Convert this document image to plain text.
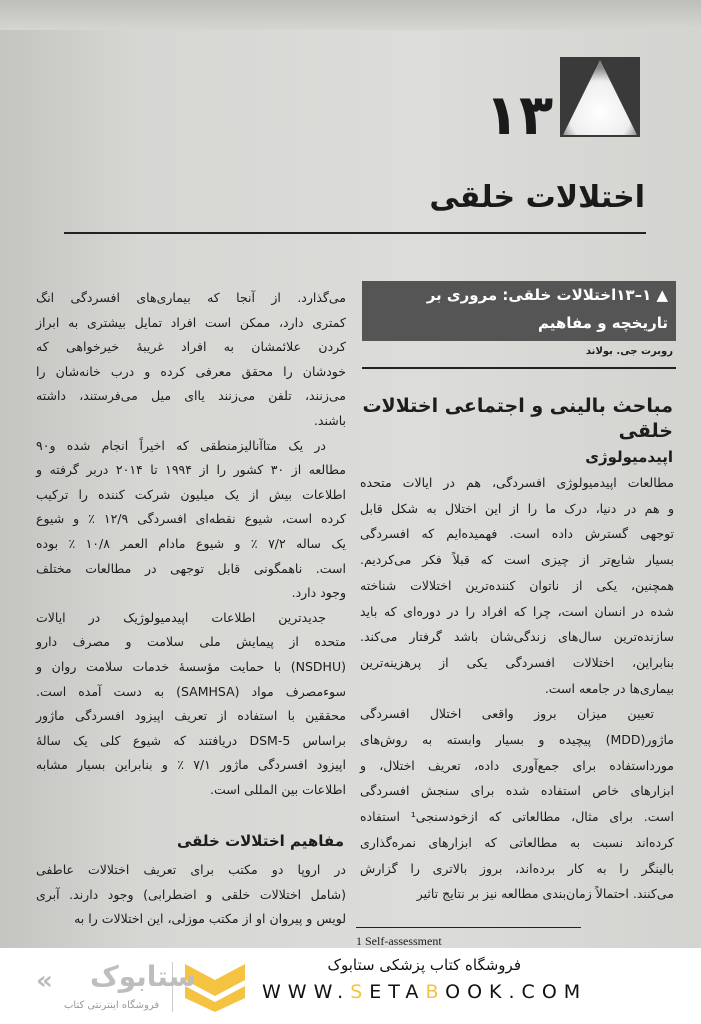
۱۳
اختلالات خلقی
▲ ۱–۱۳اختلالات خلقی: مروری بر
تاریخچه و مفاهیم
روبرت جی. بولاند
مباحث بالینی و اجتماعی اختلالات
خلقی
اپیدمیولوژی
مطالعات اپیدمیولوژی افسردگی، هم در ایالات متحده
و هم در دنیا، درک ما را از این اختلال به شکل قابل
توجهی گسترش داده است. فهمیده‌ایم که افسردگی
بسیار شایع‌تر از چیزی است که قبلاً فکر می‌کردیم.
همچنین، یکی از ناتوان کننده‌ترین اختلالات شناخته
شده در انسان است، چرا که افراد را در دوره‌ای که باید
سازنده‌ترین سال‌های زندگی‌شان باشد گرفتار می‌کند.
بنابراین، اختلالات افسردگی یکی از پرهزینه‌ترین
بیماری‌ها در جامعه است.
تعیین میزان بروز واقعی اختلال افسردگی
ماژور(MDD) پیچیده و بسیار وابسته به روش‌های
مورداستفاده برای جمع‌آوری داده، تعریف اختلال، و
ابزارهای خاص استفاده شده برای سنجش افسردگی
است. برای مثال، مطالعاتی که ازخودسنجی¹ استفاده
کرده‌اند نسبت به مطالعاتی که ابزارهای نمره‌گذاری
بالینگر را به کار برده‌اند، بروز بالاتری را گزارش
می‌کنند. احتمالاً زمان‌بندی مطالعه نیز بر نتایج تاثیر
1 Self-assessment
می‌گذارد. از آنجا که بیماری‌های افسردگی انگ
کمتری دارد، ممکن است افراد تمایل بیشتری به ابراز
کردن علائمشان به افراد غریبهٔ خیرخواهی که
خودشان را محقق معرفی کرده و درب خانه‌شان را
می‌زنند، تلفن می‌زنند یاای میل می‌فرستند، داشته
باشند.
در یک متاآنالیزمنطقی که اخیراً انجام شده و۹۰
مطالعه از ۳۰ کشور را از ۱۹۹۴ تا ۲۰۱۴ دربر گرفته و
اطلاعات بیش از یک میلیون شرکت کننده را ترکیب
کرده است، شیوع نقطه‌ای افسردگی ۱۲/۹ ٪ و شیوع
یک ساله ۷/۲ ٪ و شیوع مادام العمر ۱۰/۸ ٪ بوده
است. ناهمگونی قابل توجهی در مطالعات مختلف
وجود دارد.
جدیدترین اطلاعات اپیدمیولوژیک در ایالات
متحده از پیمایش ملی سلامت و مصرف دارو
(NSDHU) با حمایت مؤسسهٔ خدمات سلامت روان و
سوءمصرف مواد (SAMHSA) به دست آمده است.
محققین با استفاده از تعریف اپیزود افسردگی ماژور
براساس DSM-5 دریافتند که شیوع کلی یک سالهٔ
اپیزود افسردگی ماژور ۷/۱ ٪ و بنابراین بسیار مشابه
اطلاعات بین المللی است.
مفاهیم اختلالات خلقی
در اروپا دو مکتب برای تعریف اختلالات عاطفی
(شامل اختلالات خلقی و اضطرابی) وجود دارند. آبری
لویس و پیروان او از مکتب موزلی، این اختلالات را به
فروشگاه کتاب پزشکی ستابوک
WWW.SETABOOK.COM
ستابوک
«
فروشگاه اینترنتی کتاب
